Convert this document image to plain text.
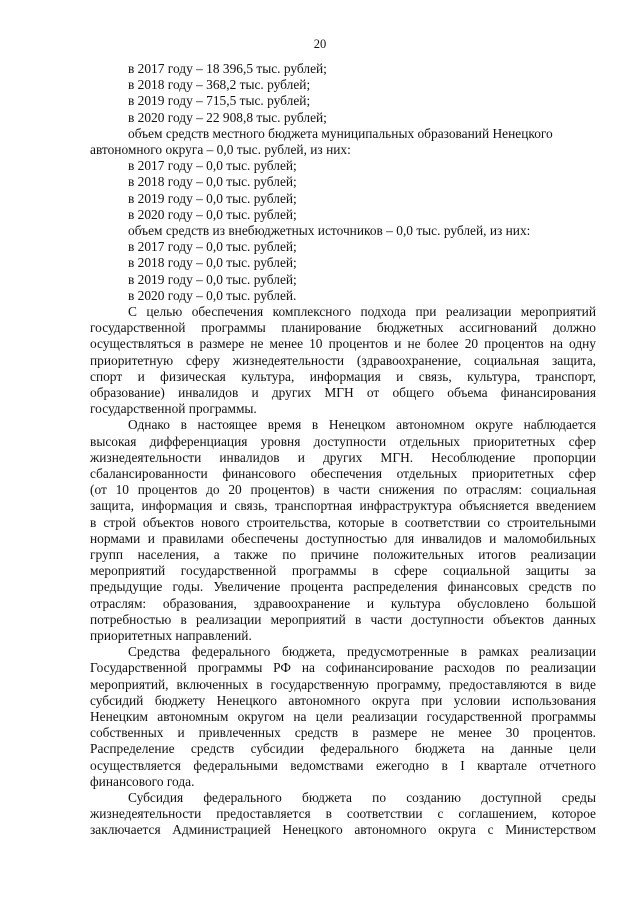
20
в 2017 году – 18 396,5 тыс. рублей;
в 2018 году – 368,2 тыс. рублей;
в 2019 году – 715,5 тыс. рублей;
в 2020 году – 22 908,8 тыс. рублей;
объем средств местного бюджета муниципальных образований Ненецкого
автономного округа – 0,0 тыс. рублей, из них:
в 2017 году – 0,0 тыс. рублей;
в 2018 году – 0,0 тыс. рублей;
в 2019 году – 0,0 тыс. рублей;
в 2020 году – 0,0 тыс. рублей;
объем средств из внебюджетных источников – 0,0 тыс. рублей, из них:
в 2017 году – 0,0 тыс. рублей;
в 2018 году – 0,0 тыс. рублей;
в 2019 году – 0,0 тыс. рублей;
в 2020 году – 0,0 тыс. рублей.
С целью обеспечения комплексного подхода при реализации мероприятий
государственной программы планирование бюджетных ассигнований должно
осуществляться в размере не менее 10 процентов и не более 20 процентов на одну
приоритетную сферу жизнедеятельности (здравоохранение, социальная защита,
спорт и физическая культура, информация и связь, культура, транспорт,
образование) инвалидов и других МГН от общего объема финансирования
государственной программы.
Однако в настоящее время в Ненецком автономном округе наблюдается
высокая дифференциация уровня доступности отдельных приоритетных сфер
жизнедеятельности инвалидов и других МГН. Несоблюдение пропорции
сбалансированности финансового обеспечения отдельных приоритетных сфер
(от 10 процентов до 20 процентов) в части снижения по отраслям: социальная
защита, информация и связь, транспортная инфраструктура объясняется введением
в строй объектов нового строительства, которые в соответствии со строительными
нормами и правилами обеспечены доступностью для инвалидов и маломобильных
групп населения, а также по причине положительных итогов реализации
мероприятий государственной программы в сфере социальной защиты за
предыдущие годы. Увеличение процента распределения финансовых средств по
отраслям: образования, здравоохранение и культура обусловлено большой
потребностью в реализации мероприятий в части доступности объектов данных
приоритетных направлений.
Средства федерального бюджета, предусмотренные в рамках реализации
Государственной программы РФ на софинансирование расходов по реализации
мероприятий, включенных в государственную программу, предоставляются в виде
субсидий бюджету Ненецкого автономного округа при условии использования
Ненецким автономным округом на цели реализации государственной программы
собственных и привлеченных средств в размере не менее 30 процентов.
Распределение средств субсидии федерального бюджета на данные цели
осуществляется федеральными ведомствами ежегодно в I квартале отчетного
финансового года.
Субсидия федерального бюджета по созданию доступной среды
жизнедеятельности предоставляется в соответствии с соглашением, которое
заключается Администрацией Ненецкого автономного округа с Министерством
